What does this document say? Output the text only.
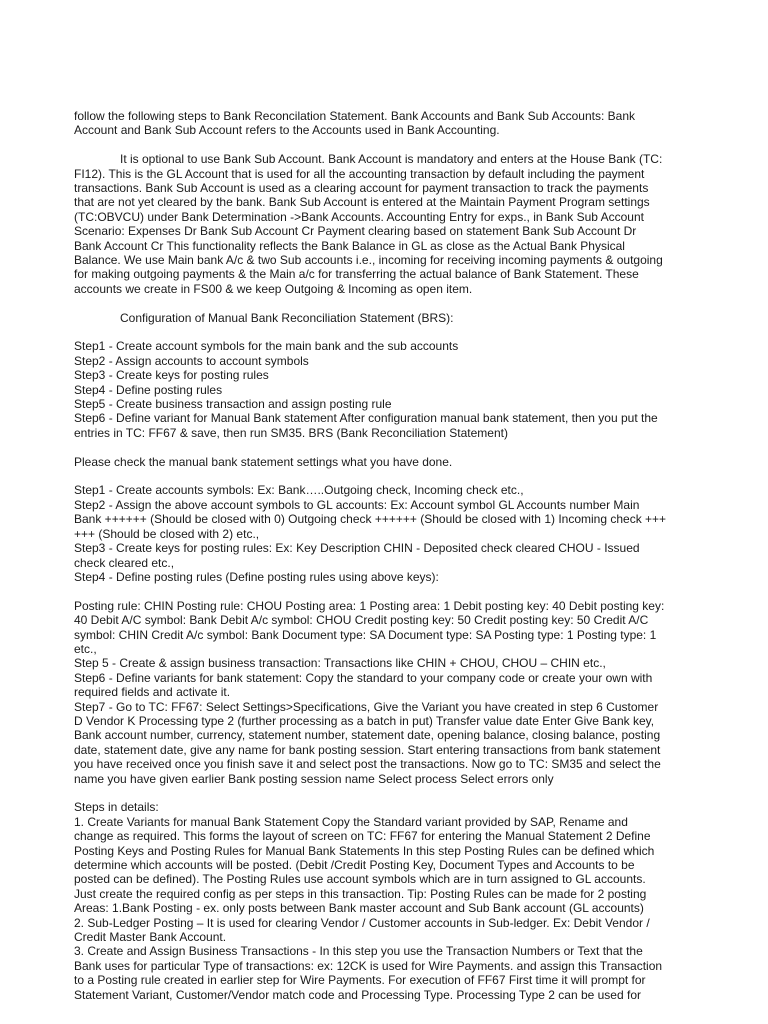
follow the following steps to Bank Reconcilation Statement. Bank Accounts and Bank Sub Accounts: Bank
Account and Bank Sub Account refers to the Accounts used in Bank Accounting.
It is optional to use Bank Sub Account. Bank Account is mandatory and enters at the House Bank (TC:
FI12). This is the GL Account that is used for all the accounting transaction by default including the payment
transactions. Bank Sub Account is used as a clearing account for payment transaction to track the payments
that are not yet cleared by the bank. Bank Sub Account is entered at the Maintain Payment Program settings
(TC:OBVCU) under Bank Determination ->Bank Accounts. Accounting Entry for exps., in Bank Sub Account
Scenario: Expenses Dr Bank Sub Account Cr Payment clearing based on statement Bank Sub Account Dr
Bank Account Cr This functionality reflects the Bank Balance in GL as close as the Actual Bank Physical
Balance. We use Main bank A/c & two Sub accounts i.e., incoming for receiving incoming payments & outgoing
for making outgoing payments & the Main a/c for transferring the actual balance of Bank Statement. These
accounts we create in FS00 & we keep Outgoing & Incoming as open item.
Configuration of Manual Bank Reconciliation Statement (BRS):
Step1 - Create account symbols for the main bank and the sub accounts
Step2 - Assign accounts to account symbols
Step3 - Create keys for posting rules
Step4 - Define posting rules
Step5 - Create business transaction and assign posting rule
Step6 - Define variant for Manual Bank statement After configuration manual bank statement, then you put the
entries in TC: FF67 & save, then run SM35. BRS (Bank Reconciliation Statement)
Please check the manual bank statement settings what you have done.
Step1 - Create accounts symbols: Ex: Bank…..Outgoing check, Incoming check etc.,
Step2 - Assign the above account symbols to GL accounts: Ex: Account symbol GL Accounts number Main
Bank ++++++ (Should be closed with 0) Outgoing check ++++++ (Should be closed with 1) Incoming check +++
+++ (Should be closed with 2) etc.,
Step3 - Create keys for posting rules: Ex: Key Description CHIN - Deposited check cleared CHOU - Issued
check cleared etc.,
Step4 - Define posting rules (Define posting rules using above keys):
Posting rule: CHIN Posting rule: CHOU Posting area: 1 Posting area: 1 Debit posting key: 40 Debit posting key:
40 Debit A/C symbol: Bank Debit A/c symbol: CHOU Credit posting key: 50 Credit posting key: 50 Credit A/C
symbol: CHIN Credit A/c symbol: Bank Document type: SA Document type: SA Posting type: 1 Posting type: 1
etc.,
Step 5 - Create & assign business transaction: Transactions like CHIN + CHOU, CHOU – CHIN etc.,
Step6 - Define variants for bank statement: Copy the standard to your company code or create your own with
required fields and activate it.
Step7 - Go to TC: FF67: Select Settings>Specifications, Give the Variant you have created in step 6 Customer
D Vendor K Processing type 2 (further processing as a batch in put) Transfer value date Enter Give Bank key,
Bank account number, currency, statement number, statement date, opening balance, closing balance, posting
date, statement date, give any name for bank posting session. Start entering transactions from bank statement
you have received once you finish save it and select post the transactions. Now go to TC: SM35 and select the
name you have given earlier Bank posting session name Select process Select errors only
Steps in details:
1. Create Variants for manual Bank Statement Copy the Standard variant provided by SAP, Rename and
change as required. This forms the layout of screen on TC: FF67 for entering the Manual Statement 2 Define
Posting Keys and Posting Rules for Manual Bank Statements In this step Posting Rules can be defined which
determine which accounts will be posted. (Debit /Credit Posting Key, Document Types and Accounts to be
posted can be defined). The Posting Rules use account symbols which are in turn assigned to GL accounts.
Just create the required config as per steps in this transaction. Tip: Posting Rules can be made for 2 posting
Areas: 1.Bank Posting - ex. only posts between Bank master account and Sub Bank account (GL accounts)
2. Sub-Ledger Posting – It is used for clearing Vendor / Customer accounts in Sub-ledger. Ex: Debit Vendor /
Credit Master Bank Account.
3. Create and Assign Business Transactions - In this step you use the Transaction Numbers or Text that the
Bank uses for particular Type of transactions: ex: 12CK is used for Wire Payments. and assign this Transaction
to a Posting rule created in earlier step for Wire Payments. For execution of FF67 First time it will prompt for
Statement Variant, Customer/Vendor match code and Processing Type. Processing Type 2 can be used for
